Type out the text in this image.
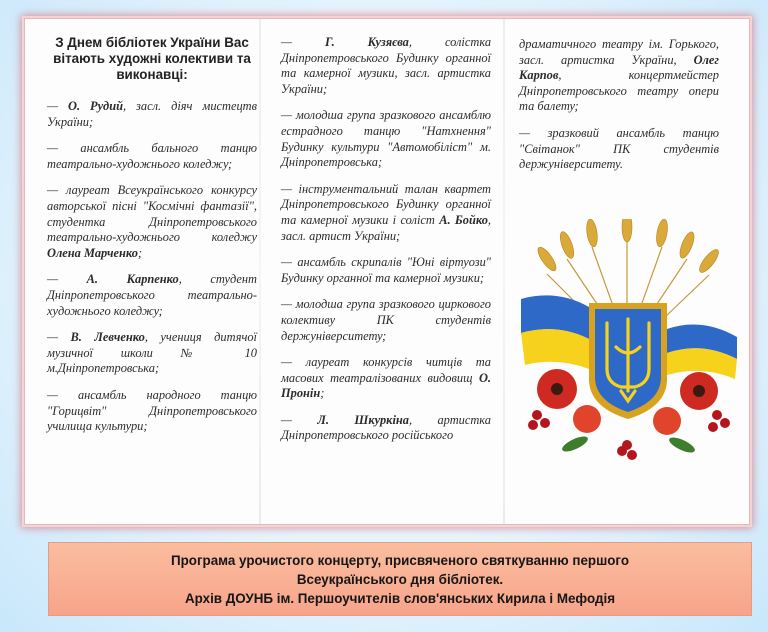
З Днем бібліотек України Вас вітають художні колективи та виконавці:

— О. Рудий, засл. діяч мистецтв України;

— ансамбль бального танцю театрально-художнього коледжу;

— лауреат Всеукраїнського конкурсу авторської пісні "Космічні фантазії", студентка Дніпропетровського театрально-художнього коледжу Олена Марченко;

— А. Карпенко, студент Дніпропетровського театрально-художнього коледжу;

— В. Левченко, учениця дитячої музичної школи № 10 м.Дніпропетровська;

— ансамбль народного танцю "Горицвіт" Дніпропетровського училища культури;

— Г. Кузяєва, солістка Дніпропетровського Будинку органної та камерної музики, засл. артистка України;

— молодша група зразкового ансамблю естрадного танцю "Натхнення" Будинку культури "Автомобіліст" м. Дніпропетровська;

— інструментальний талан квартет Дніпропетровського Будинку органної та камерної музики і соліст А. Бойко, засл. артист України;

— ансамбль скрипалів "Юні віртуози" Будинку органної та камерної музики;

— молодша група зразкового циркового колективу ПК студентів держуніверситету;

— лауреат конкурсів читців та масових театралізованих видовищ О. Пронін;

— Л. Шкуркіна, артистка Дніпропетровського російського

драматичного театру ім. Горького, засл. артистка України, Олег Карпов, концертмейстер Дніпропетровського театру опери та балету;

— зразковий ансамбль танцю "Світанок" ПК студентів держуніверситету.

Програма урочистого концерту, присвяченого святкуванню першого
Всеукраїнського дня бібліотек.
Архів ДОУНБ ім. Першоучителів слов'янських Кирила і Мефодія
